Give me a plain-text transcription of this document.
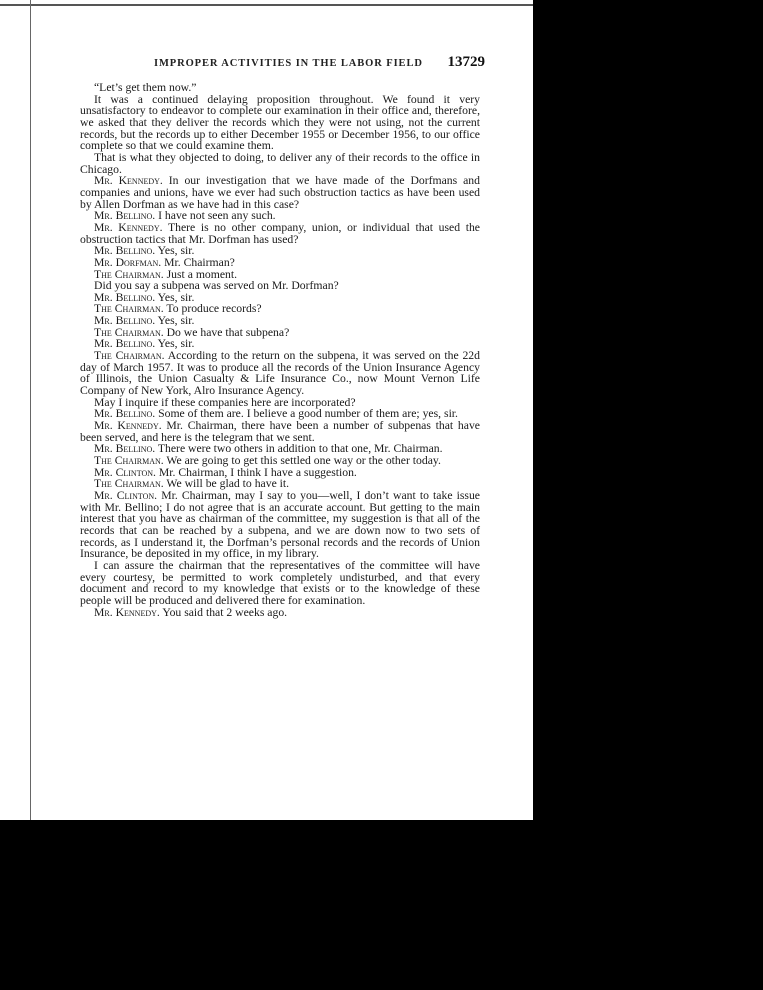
IMPROPER ACTIVITIES IN THE LABOR FIELD	13729

“Let’s get them now.”

It was a continued delaying proposition throughout. We found it very unsatisfactory to endeavor to complete our examination in their office and, therefore, we asked that they deliver the records which they were not using, not the current records, but the records up to either December 1955 or December 1956, to our office complete so that we could examine them.

That is what they objected to doing, to deliver any of their records to the office in Chicago.

Mr. Kennedy. In our investigation that we have made of the Dorfmans and companies and unions, have we ever had such obstruction tactics as have been used by Allen Dorfman as we have had in this case?

Mr. Bellino. I have not seen any such.

Mr. Kennedy. There is no other company, union, or individual that used the obstruction tactics that Mr. Dorfman has used?

Mr. Bellino. Yes, sir.

Mr. Dorfman. Mr. Chairman?

The Chairman. Just a moment.

Did you say a subpena was served on Mr. Dorfman?

Mr. Bellino. Yes, sir.

The Chairman. To produce records?

Mr. Bellino. Yes, sir.

The Chairman. Do we have that subpena?

Mr. Bellino. Yes, sir.

The Chairman. According to the return on the subpena, it was served on the 22d day of March 1957. It was to produce all the records of the Union Insurance Agency of Illinois, the Union Casualty & Life Insurance Co., now Mount Vernon Life Company of New York, Alro Insurance Agency.

May I inquire if these companies here are incorporated?

Mr. Bellino. Some of them are. I believe a good number of them are; yes, sir.

Mr. Kennedy. Mr. Chairman, there have been a number of subpenas that have been served, and here is the telegram that we sent.

Mr. Bellino. There were two others in addition to that one, Mr. Chairman.

The Chairman. We are going to get this settled one way or the other today.

Mr. Clinton. Mr. Chairman, I think I have a suggestion.

The Chairman. We will be glad to have it.

Mr. Clinton. Mr. Chairman, may I say to you—well, I don’t want to take issue with Mr. Bellino; I do not agree that is an accurate account. But getting to the main interest that you have as chairman of the committee, my suggestion is that all of the records that can be reached by a subpena, and we are down now to two sets of records, as I understand it, the Dorfman’s personal records and the records of Union Insurance, be deposited in my office, in my library.

I can assure the chairman that the representatives of the committee will have every courtesy, be permitted to work completely undisturbed, and that every document and record to my knowledge that exists or to the knowledge of these people will be produced and delivered there for examination.

Mr. Kennedy. You said that 2 weeks ago.
